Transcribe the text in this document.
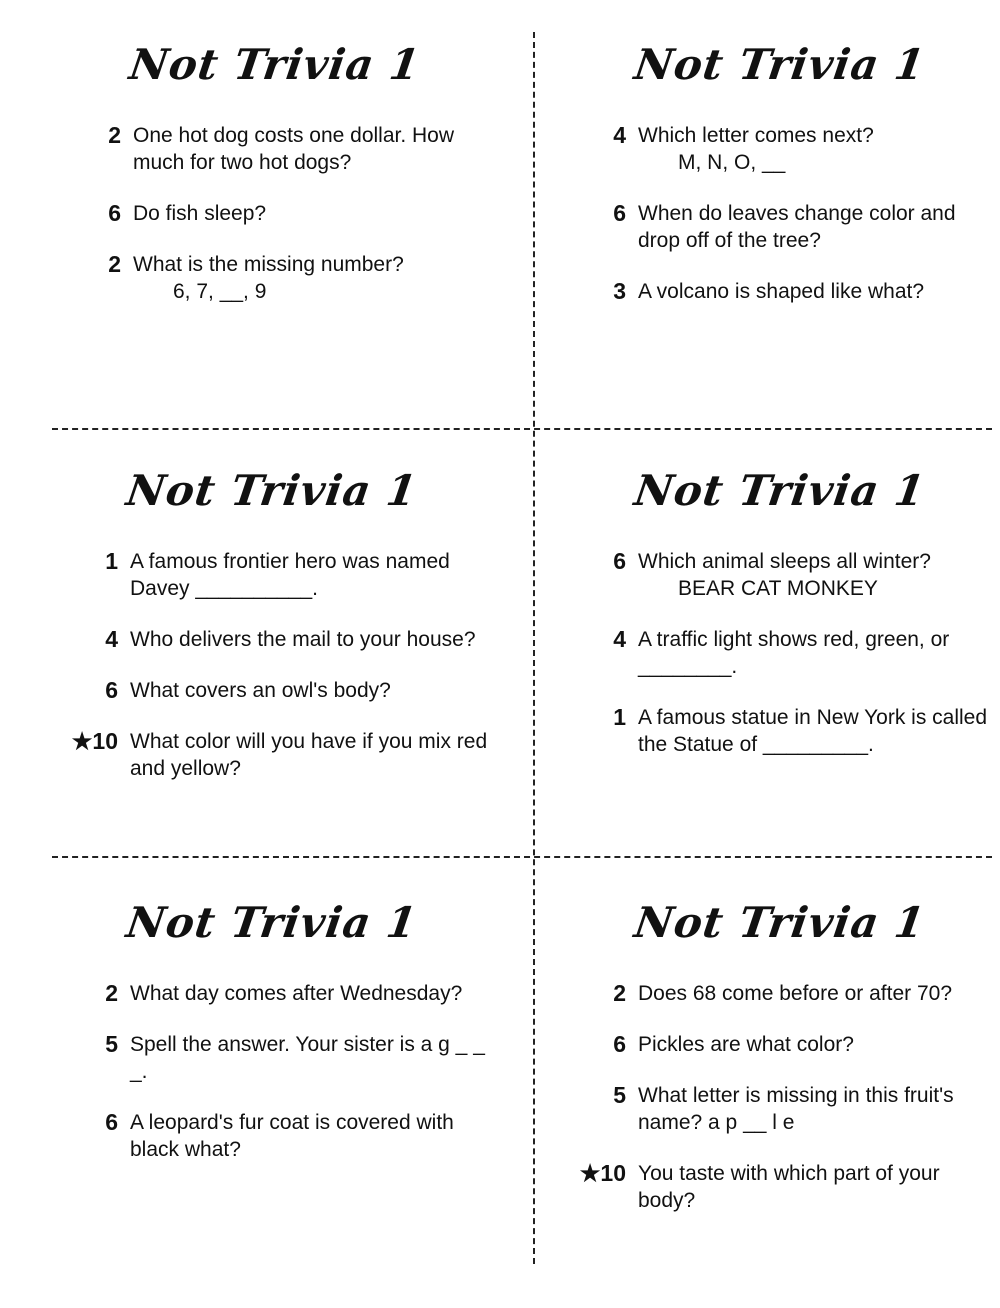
Not Trivia 1
2 One hot dog costs one dollar. How much for two hot dogs?
6 Do fish sleep?
2 What is the missing number?
6, 7, __, 9
Not Trivia 1
4 Which letter comes next?
M, N, O, __
6 When do leaves change color and drop off of the tree?
3 A volcano is shaped like what?
Not Trivia 1
1 A famous frontier hero was named Davey __________.
4 Who delivers the mail to your house?
6 What covers an owl's body?
★10 What color will you have if you mix red and yellow?
Not Trivia 1
6 Which animal sleeps all winter?
BEAR CAT MONKEY
4 A traffic light shows red, green, or ________.
1 A famous statue in New York is called the Statue of _________.
Not Trivia 1
2 What day comes after Wednesday?
5 Spell the answer. Your sister is a g _ _ _.
6 A leopard's fur coat is covered with black what?
Not Trivia 1
2 Does 68 come before or after 70?
6 Pickles are what color?
5 What letter is missing in this fruit's name? a p __ l e
★10 You taste with which part of your body?
